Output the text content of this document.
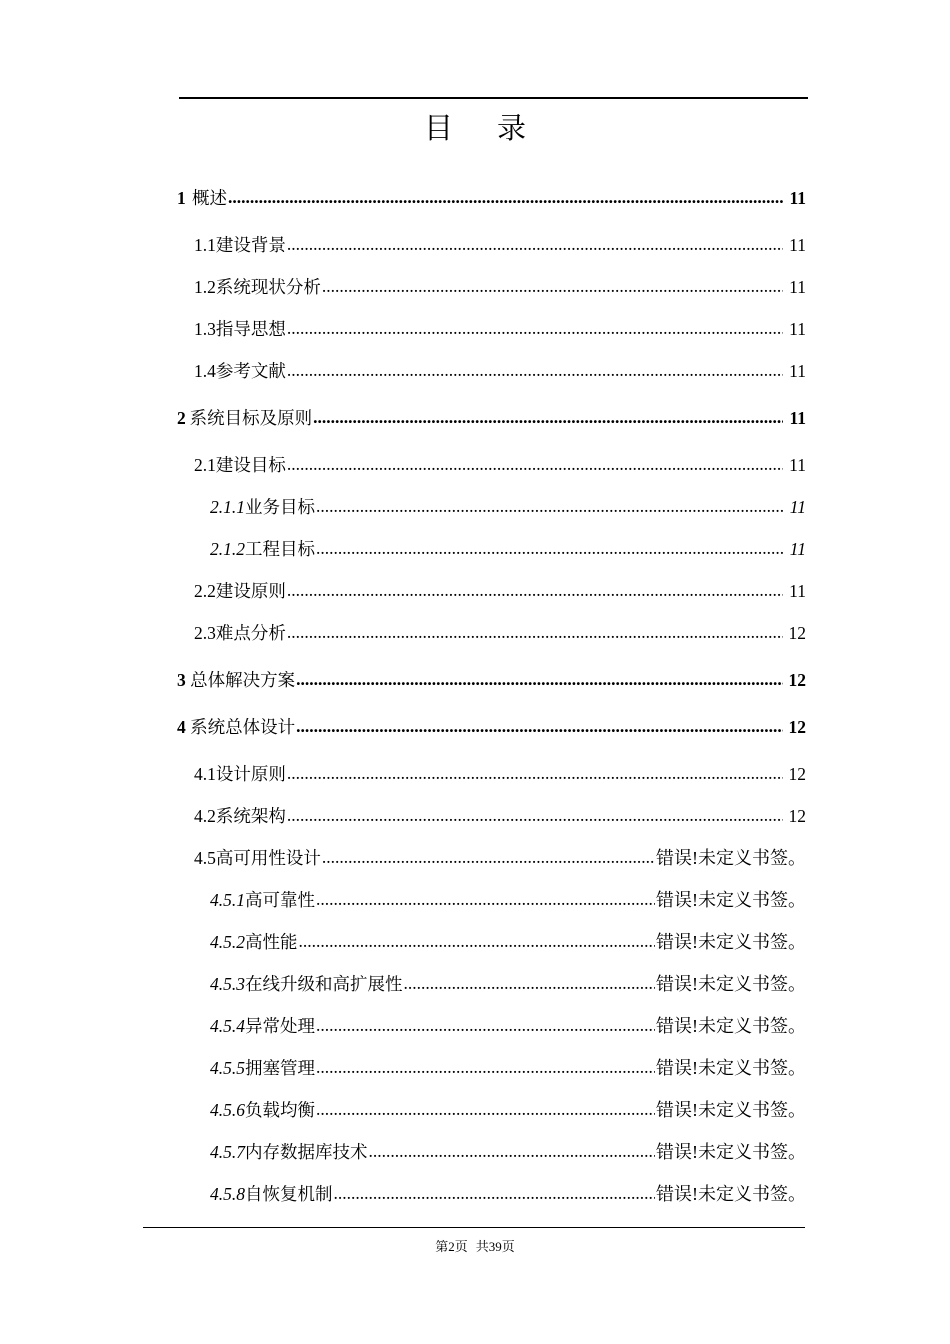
目 录
1 概述 .....	11
1.1 建设背景 .....	11
1.2 系统现状分析 .....	11
1.3 指导思想 .....	11
1.4 参考文献 .....	11
2 系统目标及原则 .....	11
2.1 建设目标 .....	11
2.1.1 业务目标 .....	11
2.1.2 工程目标 .....	11
2.2 建设原则 .....	11
2.3 难点分析 .....	12
3 总体解决方案 .....	12
4 系统总体设计 .....	12
4.1 设计原则 .....	12
4.2 系统架构 .....	12
4.5 高可用性设计 .....	错误!未定义书签。
4.5.1 高可靠性 .....	错误!未定义书签。
4.5.2 高性能 .....	错误!未定义书签。
4.5.3 在线升级和高扩展性 .....	错误!未定义书签。
4.5.4 异常处理 .....	错误!未定义书签。
4.5.5 拥塞管理 .....	错误!未定义书签。
4.5.6 负载均衡 .....	错误!未定义书签。
4.5.7 内存数据库技术 .....	错误!未定义书签。
4.5.8 自恢复机制 .....	错误!未定义书签。
第2页 共39页
